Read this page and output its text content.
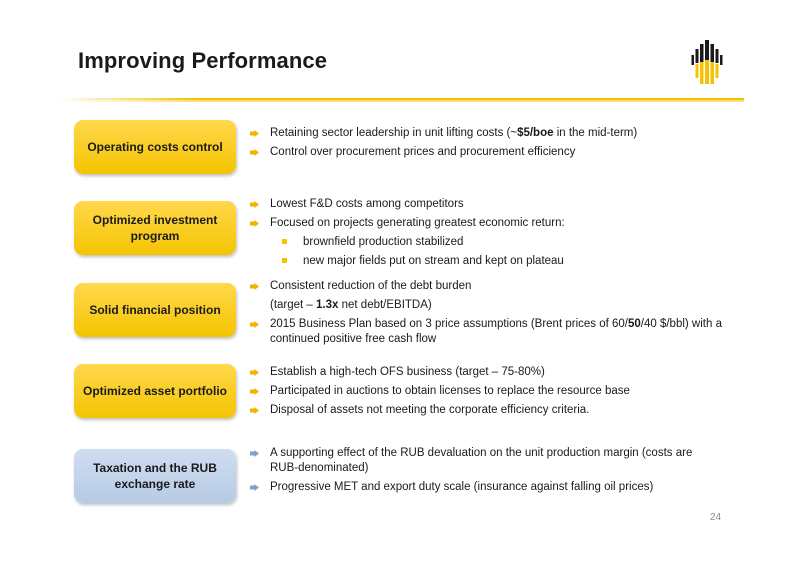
Improving Performance
Operating costs control

Retaining sector leadership in unit lifting costs (~$5/boe in the mid-term)

Control over procurement prices and procurement efficiency

Optimized investment program

Lowest F&D costs among competitors

Focused on projects generating greatest economic return:

brownfield production stabilized

new major fields put on stream and kept on plateau

Solid financial position

Consistent reduction of the debt burden

(target – 1.3x net debt/EBITDA)

2015 Business Plan based on 3 price assumptions (Brent prices of 60/50/40 $/bbl) with a continued positive free cash flow

Optimized asset portfolio

Establish a high-tech OFS business (target – 75-80%)

Participated in auctions to obtain licenses to replace the resource base

Disposal of assets not meeting the corporate efficiency criteria.

Taxation and the RUB exchange rate

A supporting effect of the RUB devaluation on the unit production margin (costs are RUB-denominated)

Progressive MET and export duty scale (insurance against falling oil prices)

24
